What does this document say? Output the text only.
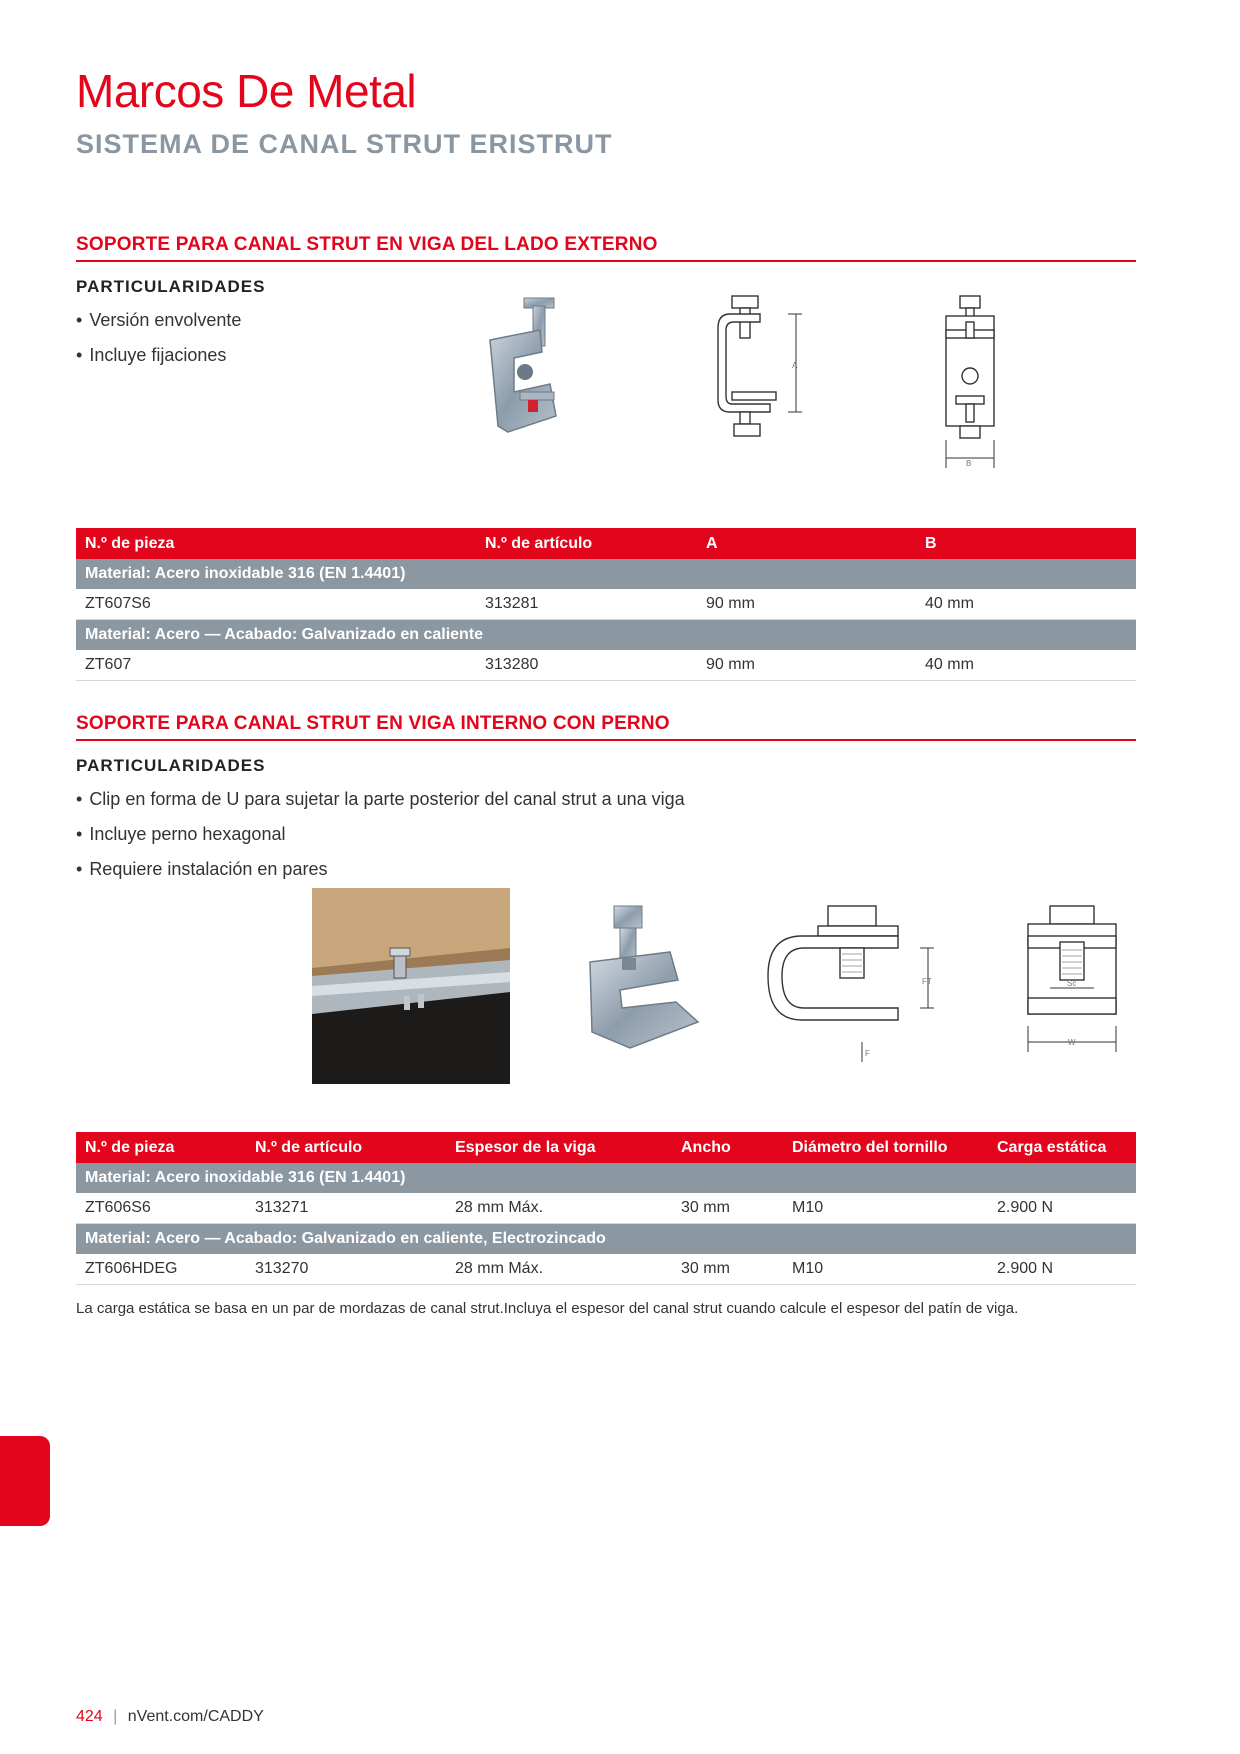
Marcos De Metal
SISTEMA DE CANAL STRUT ERISTRUT
SOPORTE PARA CANAL STRUT EN VIGA DEL LADO EXTERNO
PARTICULARIDADES
• Versión envolvente
• Incluye fijaciones
A
B
N.º de pieza	N.º de artículo	A	B
Material: Acero inoxidable 316 (EN 1.4401)			
ZT607S6	313281	90 mm	40 mm
Material: Acero — Acabado: Galvanizado en caliente			
ZT607	313280	90 mm	40 mm
SOPORTE PARA CANAL STRUT EN VIGA INTERNO CON PERNO
PARTICULARIDADES
• Clip en forma de U para sujetar la parte posterior del canal strut a una viga
• Incluye perno hexagonal
• Requiere instalación en pares
FT
F
Sc
W
N.º de pieza	N.º de artículo	Espesor de la viga	Ancho	Diámetro del tornillo	Carga estática
Material: Acero inoxidable 316 (EN 1.4401)					
ZT606S6	313271	28 mm Máx.	30 mm	M10	2.900 N
Material: Acero — Acabado: Galvanizado en caliente, Electrozincado					
ZT606HDEG	313270	28 mm Máx.	30 mm	M10	2.900 N
La carga estática se basa en un par de mordazas de canal strut.Incluya el espesor del canal strut cuando calcule el espesor del patín de viga.
424 | nVent.com/CADDY
